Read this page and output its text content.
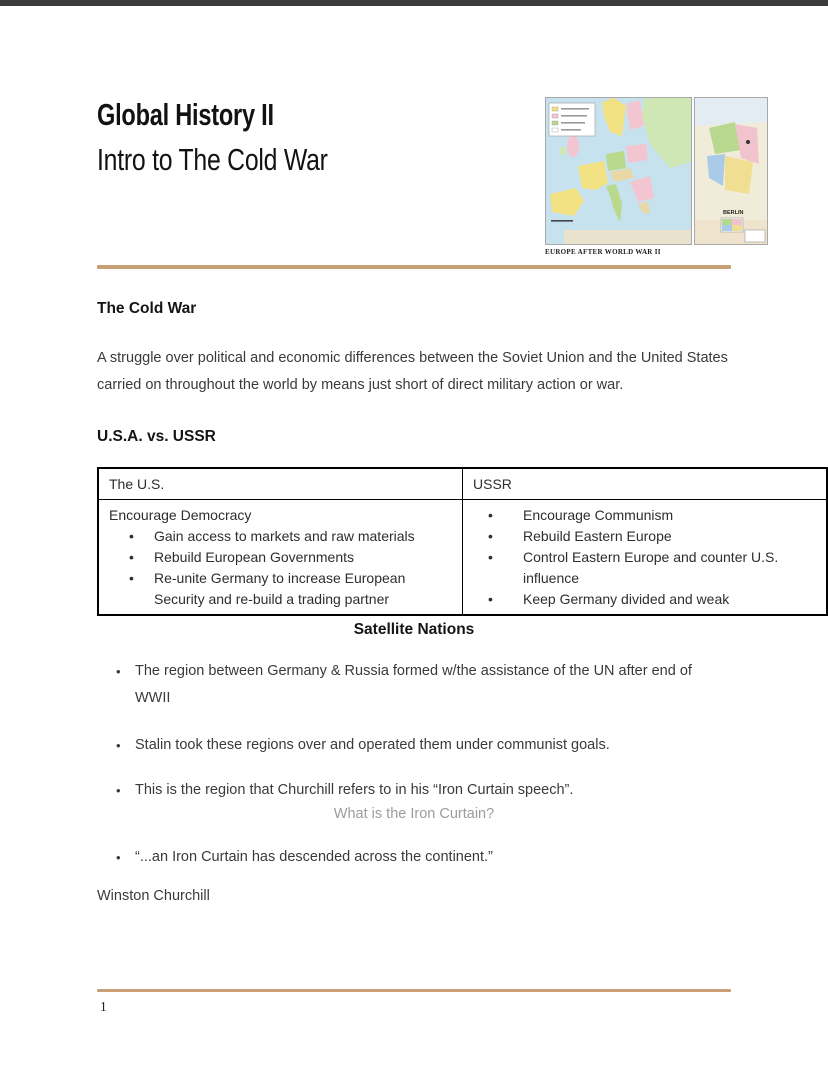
Global History II
Intro to The Cold War
BERLIN
EUROPE AFTER WORLD WAR II
The Cold War

A struggle over political and economic differences between the Soviet Union and the United States carried on throughout the world by means just short of direct military action or war.

U.S.A. vs. USSR
The U.S.	USSR
Encourage Democracy
• Gain access to markets and raw materials
• Rebuild European Governments
• Re-unite Germany to increase European Security and re-build a trading partner
• Encourage Communism
• Rebuild Eastern Europe
• Control Eastern Europe and counter U.S. influence
• Keep Germany divided and weak
Satellite Nations
• The region between Germany & Russia formed w/the assistance of the UN after end of WWII
• Stalin took these regions over and operated them under communist goals.
• This is the region that Churchill refers to in his “Iron Curtain speech”.
What is the Iron Curtain?
• “...an Iron Curtain has descended across the continent.”
Winston Churchill
1
